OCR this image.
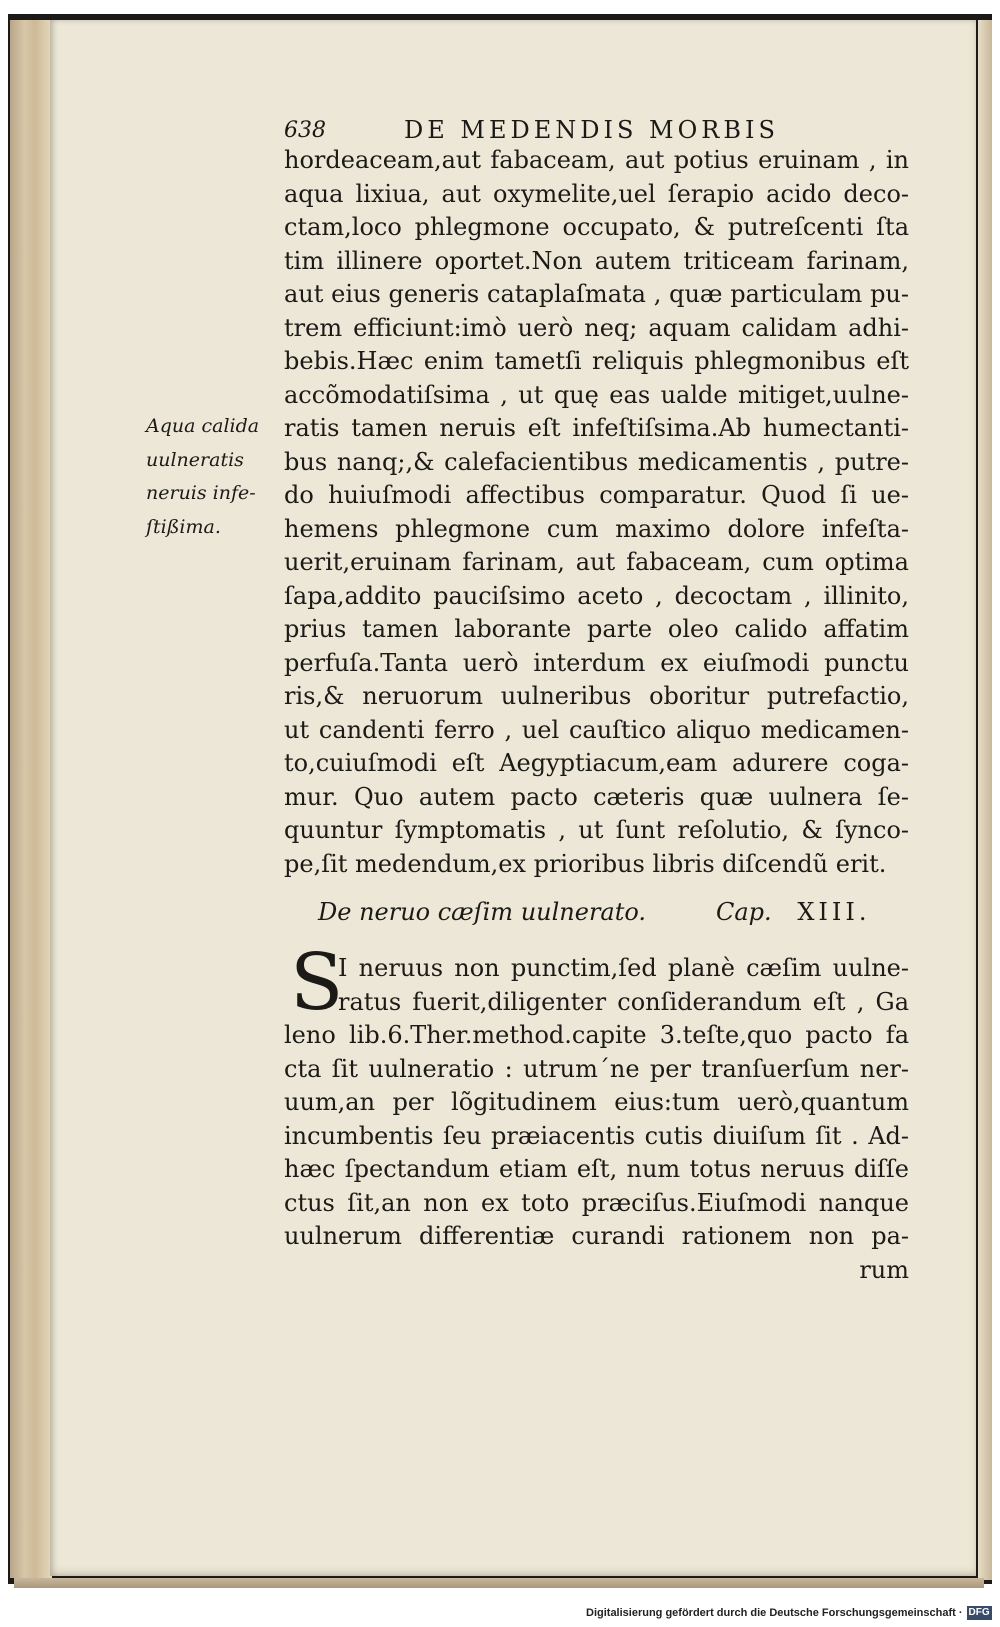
638	DE MEDENDIS MORBIS
hordeaceam,aut fabaceam, aut potius eruinam , in
aqua lixiua, aut oxymelite,uel ſerapio acido deco-
ctam,loco phlegmone occupato, & putreſcenti ſta
tim illinere oportet.Non autem triticeam farinam,
aut eius generis cataplaſmata , quæ particulam pu-
trem efficiunt:imò uerò neq; aquam calidam adhi-
bebis.Hæc enim tametſi reliquis phlegmonibus eſt
accõmodatiſsima , ut quę eas ualde mitiget,uulne-
ratis tamen neruis eſt infeſtiſsima.Ab humectanti-
bus nanq;,& calefacientibus medicamentis , putre-
do huiuſmodi affectibus comparatur. Quod ſi ue-
hemens phlegmone cum maximo dolore infeſta-
uerit,eruinam farinam, aut fabaceam, cum optima
ſapa,addito pauciſsimo aceto , decoctam , illinito,
prius tamen laborante parte oleo calido affatim
perfuſa.Tanta uerò interdum ex eiuſmodi punctu
ris,& neruorum uulneribus oboritur putrefactio,
ut candenti ferro , uel cauſtico aliquo medicamen-
to,cuiuſmodi eſt Aegyptiacum,eam adurere coga-
mur. Quo autem pacto cæteris quæ uulnera ſe-
quuntur ſymptomatis , ut ſunt reſolutio, & ſynco-
pe,ſit medendum,ex prioribus libris diſcendũ erit.
Aqua calida
uulneratis
neruis infe-
ſtißima.
De neruo cæſim uulnerato.	Cap. XIII.
S
I neruus non punctim,ſed planè cæſim uulne-
ratus fuerit,diligenter conſiderandum eſt , Ga
leno lib.6.Ther.method.capite 3.teſte,quo pacto fa
cta ſit uulneratio : utrum´ne per tranſuerſum ner-
uum,an per lõgitudinem eius:tum uerò,quantum
incumbentis ſeu præiacentis cutis diuiſum ſit . Ad-
hæc ſpectandum etiam eſt, num totus neruus diſſe
ctus ſit,an non ex toto præciſus.Eiuſmodi nanque
uulnerum differentiæ curandi rationem non pa-
rum
Digitalisierung gefördert durch die Deutsche Forschungsgemeinschaft · DFG
